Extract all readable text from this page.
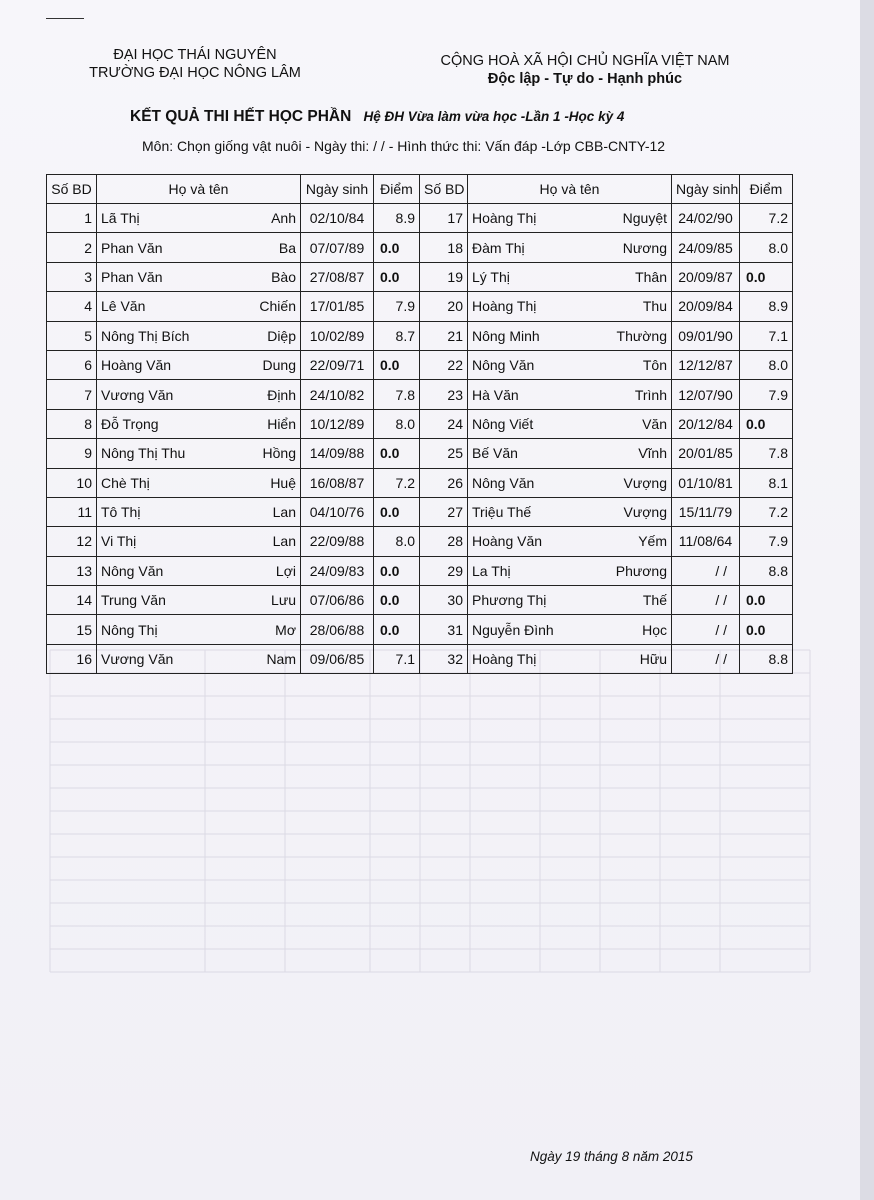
ĐẠI HỌC THÁI NGUYÊN
TRƯỜNG ĐẠI HỌC NÔNG LÂM
CỘNG HOÀ XÃ HỘI CHỦ NGHĨA VIỆT NAM
Độc lập - Tự do - Hạnh phúc
KẾT QUẢ THI HẾT HỌC PHẦN Hệ ĐH Vừa làm vừa học -Lần 1 -Học kỳ 4
Môn: Chọn giống vật nuôi - Ngày thi: / / - Hình thức thi: Vấn đáp -Lớp CBB-CNTY-12
Số BD	Họ và tên		Ngày sinh	Điểm	Số BD	Họ và tên		Ngày sinh	Điểm
1	Lã Thị	Anh	02/10/84	8.9	17	Hoàng Thị	Nguyệt	24/02/90	7.2
2	Phan Văn	Ba	07/07/89	0.0	18	Đàm Thị	Nương	24/09/85	8.0
3	Phan Văn	Bào	27/08/87	0.0	19	Lý Thị	Thân	20/09/87	0.0
4	Lê Văn	Chiến	17/01/85	7.9	20	Hoàng Thị	Thu	20/09/84	8.9
5	Nông Thị Bích	Diệp	10/02/89	8.7	21	Nông Minh	Thường	09/01/90	7.1
6	Hoàng Văn	Dung	22/09/71	0.0	22	Nông Văn	Tôn	12/12/87	8.0
7	Vương Văn	Định	24/10/82	7.8	23	Hà Văn	Trình	12/07/90	7.9
8	Đỗ Trọng	Hiển	10/12/89	8.0	24	Nông Viết	Văn	20/12/84	0.0
9	Nông Thị Thu	Hồng	14/09/88	0.0	25	Bế Văn	Vĩnh	20/01/85	7.8
10	Chè Thị	Huệ	16/08/87	7.2	26	Nông Văn	Vượng	01/10/81	8.1
11	Tô Thị	Lan	04/10/76	0.0	27	Triệu Thế	Vượng	15/11/79	7.2
12	Vi Thị	Lan	22/09/88	8.0	28	Hoàng Văn	Yếm	11/08/64	7.9
13	Nông Văn	Lợi	24/09/83	0.0	29	La Thị	Phương	/ /	8.8
14	Trung Văn	Lưu	07/06/86	0.0	30	Phương Thị	Thế	/ /	0.0
15	Nông Thị	Mơ	28/06/88	0.0	31	Nguyễn Đình	Học	/ /	0.0
16	Vương Văn	Nam	09/06/85	7.1	32	Hoàng Thị	Hữu	/ /	8.8
Ngày 19 tháng 8 năm 2015
